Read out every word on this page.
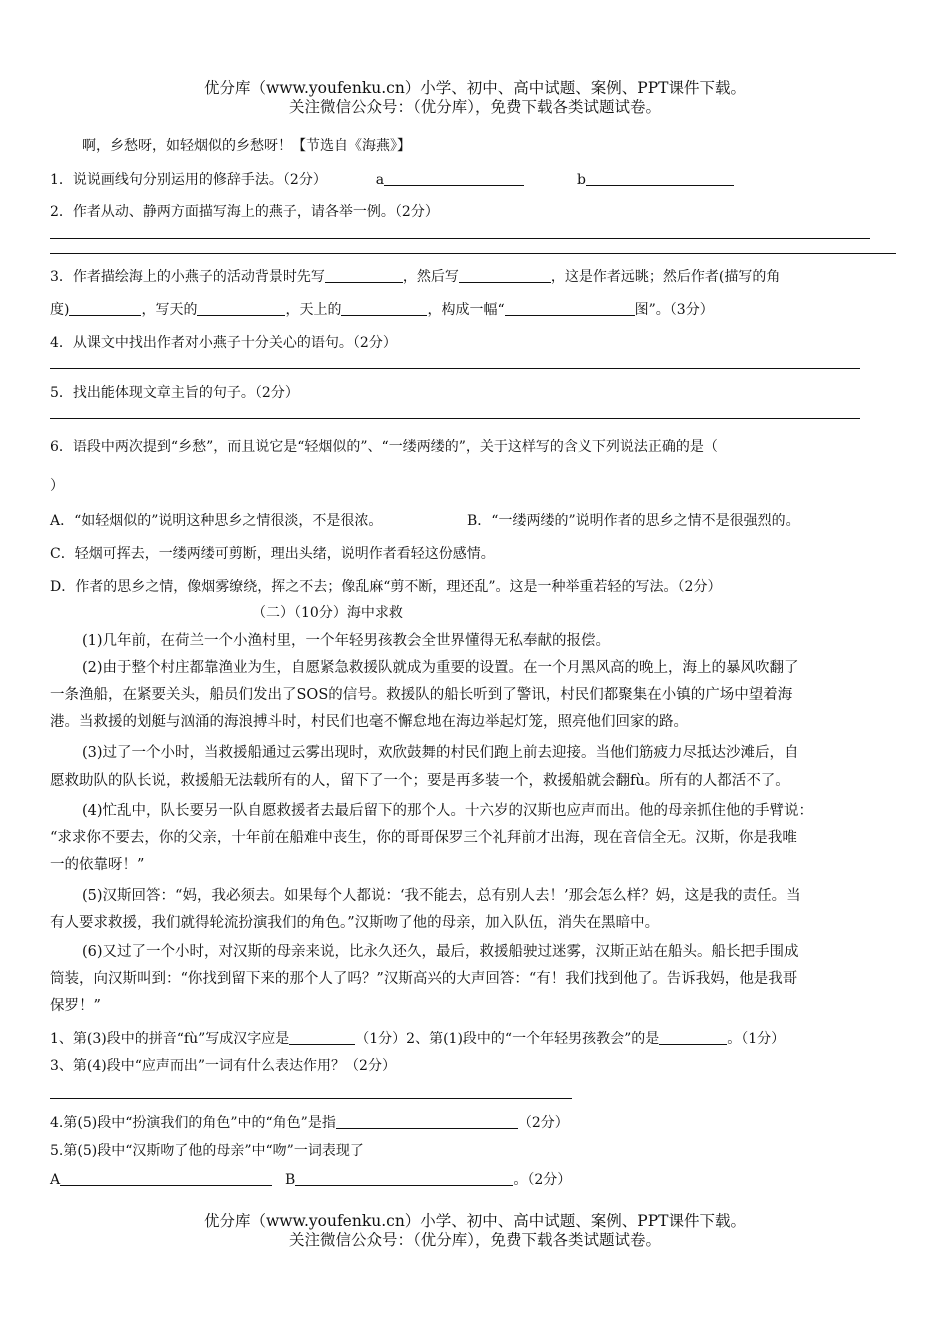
优分库（www.youfenku.cn）小学、初中、高中试题、案例、PPT课件下载。
关注微信公众号：（优分库），免费下载各类试题试卷。
啊，乡愁呀，如轻烟似的乡愁呀！【节选自《海燕》】
1．说说画线句分别运用的修辞手法。（2分）	a	b
2．作者从动、静两方面描写海上的燕子，请各举一例。（2分）
3．作者描绘海上的小燕子的活动背景时先写	，然后写	，这是作者远眺；然后作者(描写的角
度)	，写天的	，天上的	，构成一幅“	图”。（3分）
4．从课文中找出作者对小燕子十分关心的语句。（2分）
5．找出能体现文章主旨的句子。（2分）
6．语段中两次提到“乡愁”，而且说它是“轻烟似的”、“一缕两缕的”，关于这样写的含义下列说法正确的是（
）
A．“如轻烟似的”说明这种思乡之情很淡，不是很浓。	B．“一缕两缕的”说明作者的思乡之情不是很强烈的。
C．轻烟可挥去，一缕两缕可剪断，理出头绪，说明作者看轻这份感情。
D．作者的思乡之情，像烟雾缭绕，挥之不去；像乱麻“剪不断，理还乱”。这是一种举重若轻的写法。（2分）
（二）（10分）海中求救
(1)几年前，在荷兰一个小渔村里，一个年轻男孩教会全世界懂得无私奉献的报偿。
(2)由于整个村庄都靠渔业为生，自愿紧急救援队就成为重要的设置。在一个月黑风高的晚上，海上的暴风吹翻了
一条渔船，在紧要关头，船员们发出了SOS的信号。救援队的船长听到了警讯，村民们都聚集在小镇的广场中望着海
港。当救援的划艇与汹涌的海浪搏斗时，村民们也毫不懈怠地在海边举起灯笼，照亮他们回家的路。
(3)过了一个小时，当救援船通过云雾出现时，欢欣鼓舞的村民们跑上前去迎接。当他们筋疲力尽抵达沙滩后，自
愿救助队的队长说，救援船无法载所有的人，留下了一个；要是再多装一个，救援船就会翻fù。所有的人都活不了。
(4)忙乱中，队长要另一队自愿救援者去最后留下的那个人。十六岁的汉斯也应声而出。他的母亲抓住他的手臂说：
“求求你不要去，你的父亲，十年前在船难中丧生，你的哥哥保罗三个礼拜前才出海，现在音信全无。汉斯，你是我唯
一的依靠呀！”
(5)汉斯回答：“妈，我必须去。如果每个人都说：‘我不能去，总有别人去！’那会怎么样？妈，这是我的责任。当
有人要求救援，我们就得轮流扮演我们的角色。”汉斯吻了他的母亲，加入队伍，消失在黑暗中。
(6)又过了一个小时，对汉斯的母亲来说，比永久还久，最后，救援船驶过迷雾，汉斯正站在船头。船长把手围成
筒装，向汉斯叫到：“你找到留下来的那个人了吗？”汉斯高兴的大声回答：“有！我们找到他了。告诉我妈，他是我哥
保罗！”
1、第(3)段中的拼音“fù”写成汉字应是	（1分）2、第(1)段中的“一个年轻男孩教会”的是	。（1分）
3、第(4)段中“应声而出”一词有什么表达作用？（2分）
4.第(5)段中“扮演我们的角色”中的“角色”是指	（2分）
5.第(5)段中“汉斯吻了他的母亲”中“吻”一词表现了
A	B	。（2分）
优分库（www.youfenku.cn）小学、初中、高中试题、案例、PPT课件下载。
关注微信公众号：（优分库），免费下载各类试题试卷。
